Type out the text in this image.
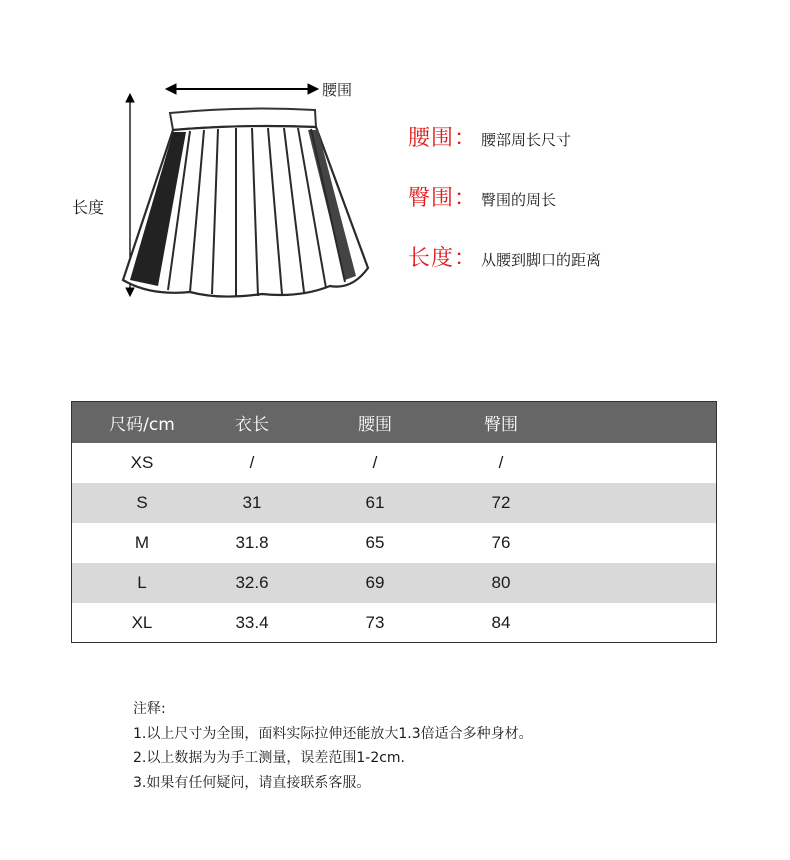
腰围
长度
腰围： 腰部周长尺寸
臀围： 臀围的周长
长度： 从腰到脚口的距离
尺码/cm	衣长	腰围	臀围
XS	/	/	/
S	31	61	72
M	31.8	65	76
L	32.6	69	80
XL	33.4	73	84
注释:
1.以上尺寸为全围，面料实际拉伸还能放大1.3倍适合多种身材。
2.以上数据为为手工测量，误差范围1-2cm.
3.如果有任何疑问，请直接联系客服。
